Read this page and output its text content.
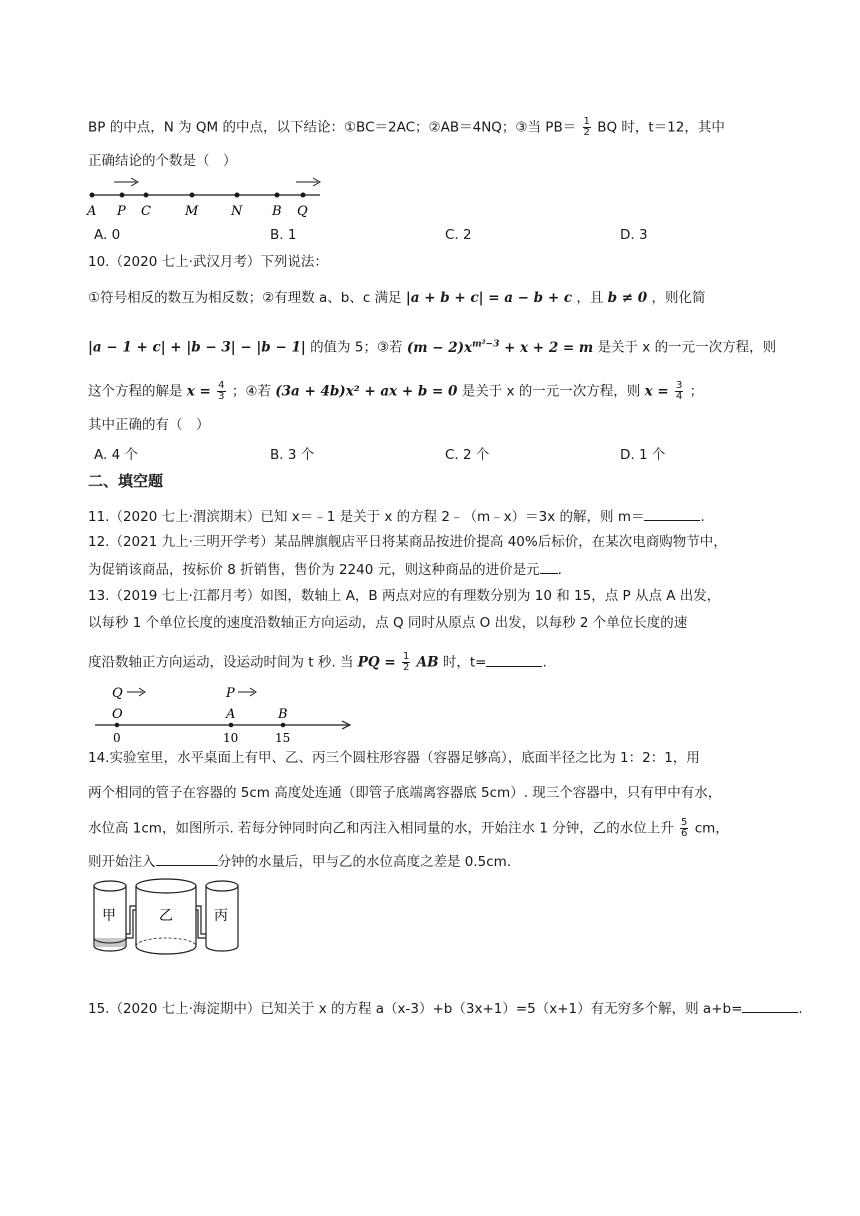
BP 的中点，N 为 QM 的中点，以下结论：①BC＝2AC；②AB＝4NQ；③当 $PB= \frac{1}{2}$ BQ 时，t＝12，其中
正确结论的个数是（　）
A P C	M	N B Q
A. 0	B. 1	C. 2	D. 3
10.（2020 七上·武汉月考）下列说法：
①符号相反的数互为相反数；②有理数 a、b、c 满足 |a + b + c| = a − b + c ，且 b ≠ 0 ，则化简
|a − 1 + c| + |b − 3| − |b − 1| 的值为 5；③若 $(m - 2)x^{m^2-3} + x + 2 = m$ 是关于 x 的一元一次方程，则
这个方程的解是 $x = \frac{4}{3}$ ；④若 (3a + 4b)x² + ax + b = 0 是关于 x 的一元一次方程，则 $x = \frac{3}{4}$ ；
其中正确的有（　）
A. 4 个	B. 3 个	C. 2 个	D. 1 个
二、填空题
11.（2020 七上·渭滨期末）已知 x＝﹣1 是关于 x 的方程 2﹣（m﹣x）＝3x 的解，则 m＝	.
12.（2021 九上·三明开学考）某品牌旗舰店平日将某商品按进价提高 40%后标价，在某次电商购物节中，
为促销该商品，按标价 8 折销售，售价为 2240 元，则这种商品的进价是元 .
13.（2019 七上·江都月考）如图，数轴上 A，B 两点对应的有理数分别为 10 和 15，点 P 从点 A 出发，
以每秒 1 个单位长度的速度沿数轴正方向运动，点 Q 同时从原点 O 出发，以每秒 2 个单位长度的速
度沿数轴正方向运动，设运动时间为 t 秒. 当 PQ = $\frac{1}{2}$ AB 时，t=	.
Q	P
O	A	B
0	10	15
14.实验室里，水平桌面上有甲、乙、丙三个圆柱形容器（容器足够高），底面半径之比为 1：2：1，用
两个相同的管子在容器的 5cm 高度处连通（即管子底端离容器底 5cm）. 现三个容器中，只有甲中有水，
水位高 1cm，如图所示. 若每分钟同时向乙和丙注入相同量的水，开始注水 1 分钟，乙的水位上升 $\frac{5}{6}$ cm，
则开始注入	分钟的水量后，甲与乙的水位高度之差是 0.5cm.
甲	乙	丙
15.（2020 七上·海淀期中）已知关于 x 的方程 a（x-3）+b（3x+1）=5（x+1）有无穷多个解，则 a+b=	.
